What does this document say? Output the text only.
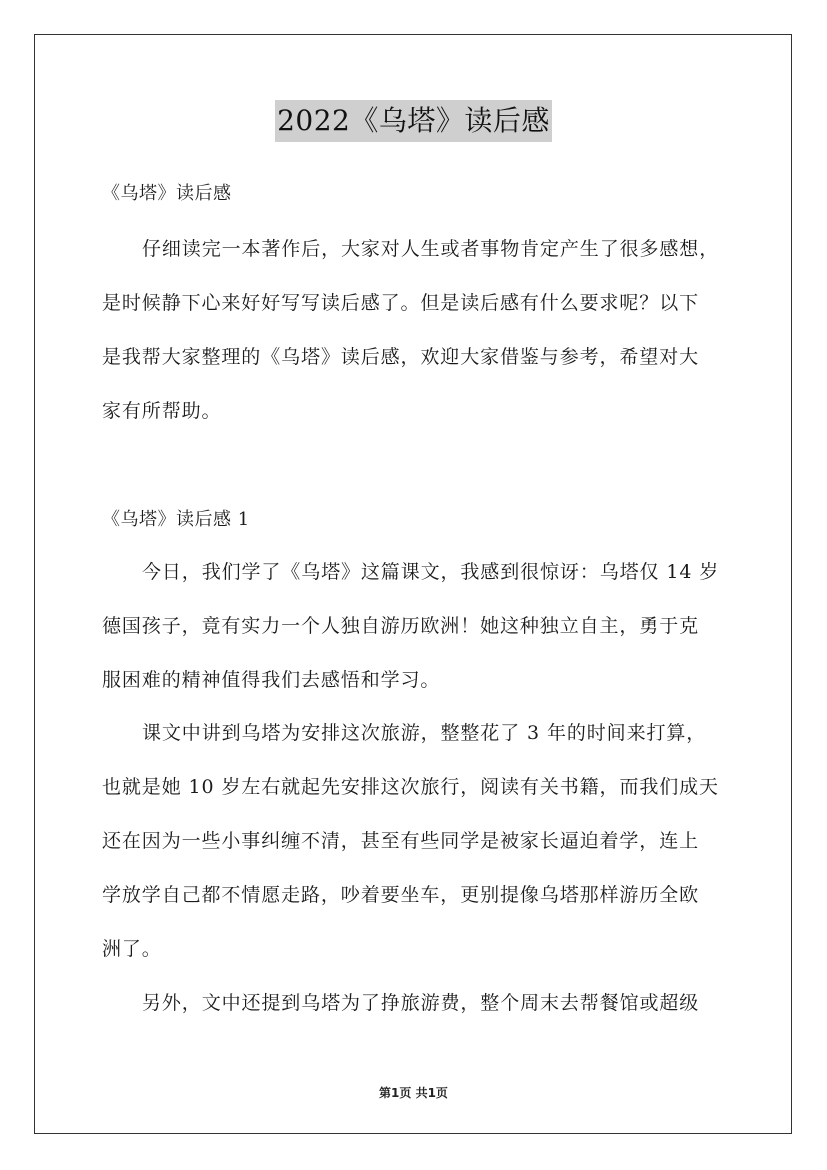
2022《乌塔》读后感
《乌塔》读后感
仔细读完一本著作后，大家对人生或者事物肯定产生了很多感想，
是时候静下心来好好写写读后感了。但是读后感有什么要求呢？以下
是我帮大家整理的《乌塔》读后感，欢迎大家借鉴与参考，希望对大
家有所帮助。
《乌塔》读后感 1
今日，我们学了《乌塔》这篇课文，我感到很惊讶：乌塔仅 14 岁
德国孩子，竟有实力一个人独自游历欧洲！她这种独立自主，勇于克
服困难的精神值得我们去感悟和学习。
课文中讲到乌塔为安排这次旅游，整整花了 3 年的时间来打算，
也就是她 10 岁左右就起先安排这次旅行，阅读有关书籍，而我们成天
还在因为一些小事纠缠不清，甚至有些同学是被家长逼迫着学，连上
学放学自己都不情愿走路，吵着要坐车，更别提像乌塔那样游历全欧
洲了。
另外，文中还提到乌塔为了挣旅游费，整个周末去帮餐馆或超级
第1页 共1页
